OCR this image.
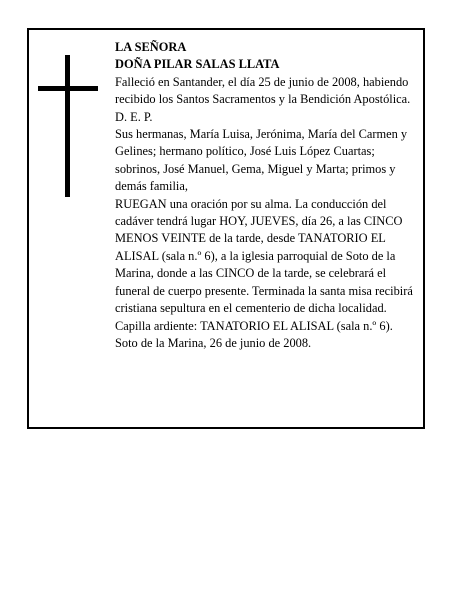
LA SEÑORA

DOÑA PILAR SALAS LLATA

Falleció en Santander, el día 25 de junio de 2008, habiendo recibido los Santos Sacramentos y la Bendición Apostólica.

D. E. P.

Sus hermanas, María Luisa, Jerónima, María del Carmen y Gelines; hermano político, José Luis López Cuartas; sobrinos, José Manuel, Gema, Miguel y Marta; primos y demás familia,

RUEGAN una oración por su alma. La conducción del cadáver tendrá lugar HOY, JUEVES, día 26, a las CINCO MENOS VEINTE de la tarde, desde TANATORIO EL ALISAL (sala n.º 6), a la iglesia parroquial de Soto de la Marina, donde a las CINCO de la tarde, se celebrará el funeral de cuerpo presente. Terminada la santa misa recibirá cristiana sepultura en el cementerio de dicha localidad. Capilla ardiente: TANATORIO EL ALISAL (sala n.º 6).

Soto de la Marina, 26 de junio de 2008.
